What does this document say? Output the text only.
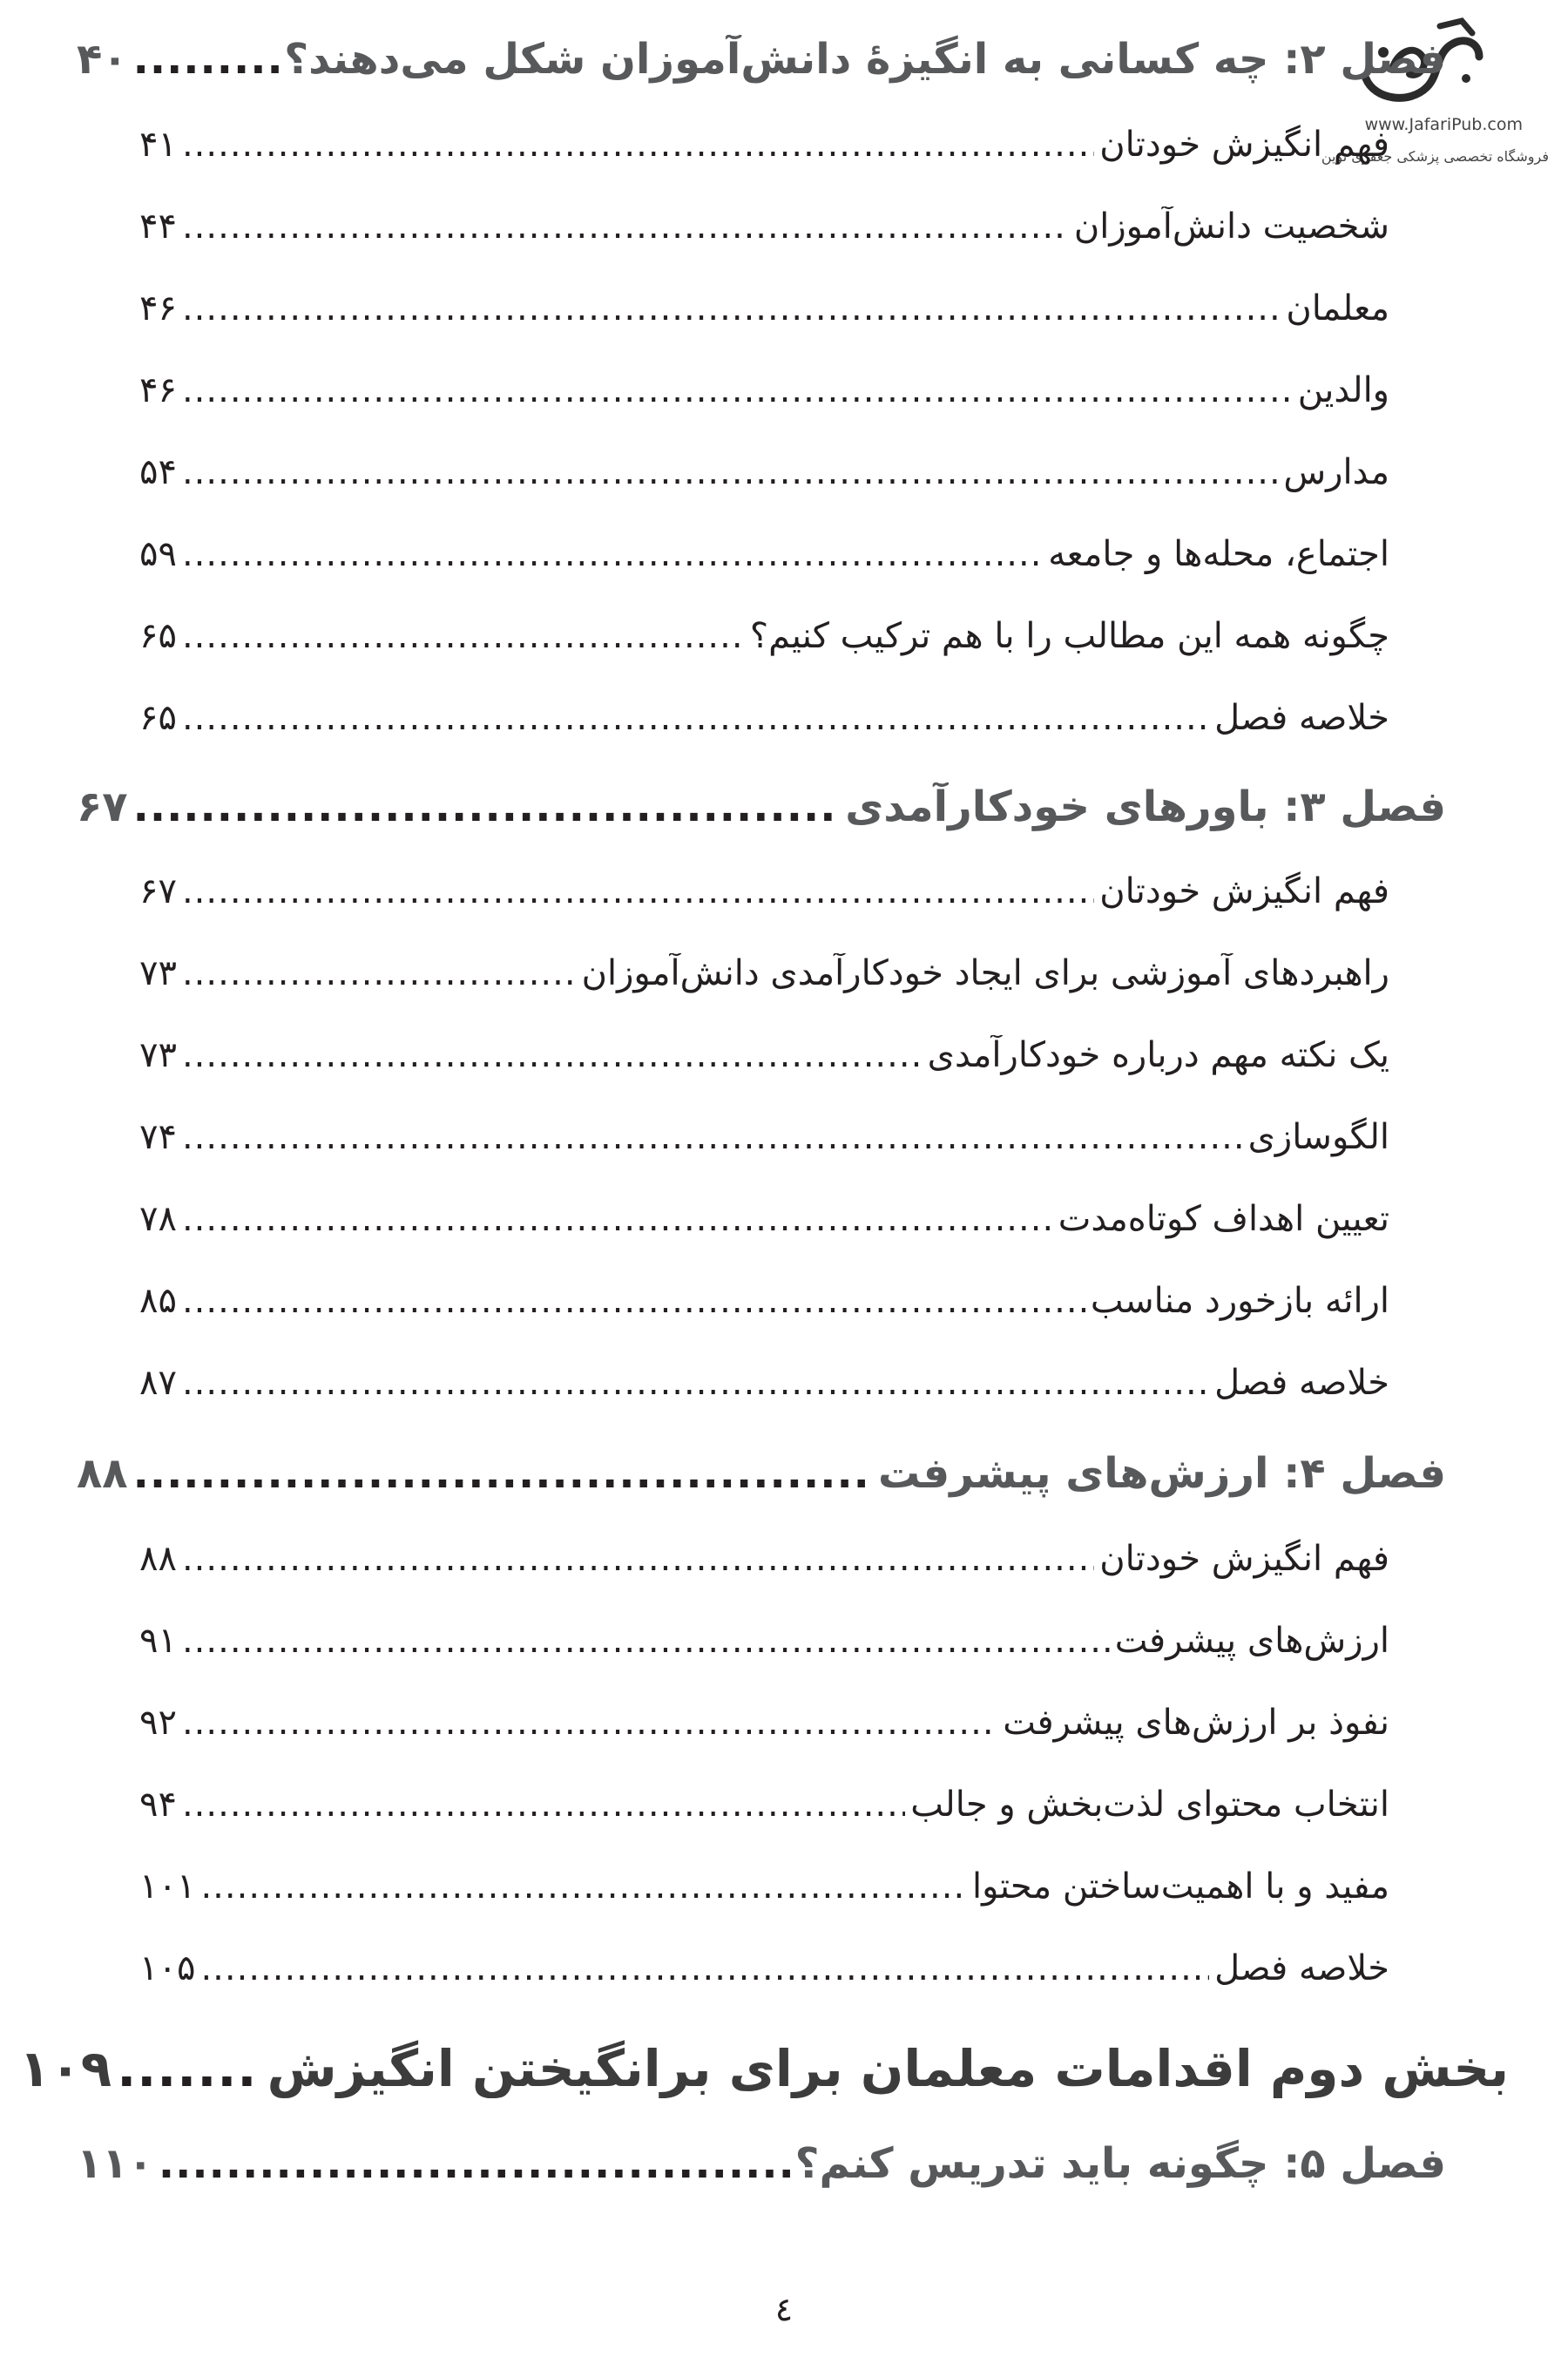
www.JafariPub.com
فروشگاه تخصصی پزشکی جعفری نوین
فصل ۲: چه کسانی به انگیزۀ دانش‌آموزان شکل می‌دهند؟
.....
۴۰
فهم انگیزش خودتان
.....
۴۱
شخصیت دانش‌آموزان
.....
۴۴
معلمان
.....
۴۶
والدین
.....
۴۶
مدارس
.....
۵۴
اجتماع، محله‌ها و جامعه
.....
۵۹
چگونه همه این مطالب را با هم ترکیب کنیم؟
.....
۶۵
خلاصه فصل
.....
۶۵
فصل ۳: باورهای خودکارآمدی
.....
۶۷
فهم انگیزش خودتان
.....
۶۷
راهبردهای آموزشی برای ایجاد خودکارآمدی دانش‌آموزان
.....
۷۳
یک نکته مهم درباره خودکارآمدی
.....
۷۳
الگوسازی
.....
۷۴
تعیین اهداف کوتاه‌مدت
.....
۷۸
ارائه بازخورد مناسب
.....
۸۵
خلاصه فصل
.....
۸۷
فصل ۴: ارزش‌های پیشرفت
.....
۸۸
فهم انگیزش خودتان
.....
۸۸
ارزش‌های پیشرفت
.....
۹۱
نفوذ بر ارزش‌های پیشرفت
.....
۹۲
انتخاب محتوای لذت‌بخش و جالب
.....
۹۴
مفید و با اهمیت‌ساختن محتوا
.....
۱۰۱
خلاصه فصل
.....
۱۰۵
بخش دوم اقدامات معلمان برای برانگیختن انگیزش
.....
۱۰۹
فصل ۵: چگونه باید تدریس کنم؟
.....
۱۱۰
٤
